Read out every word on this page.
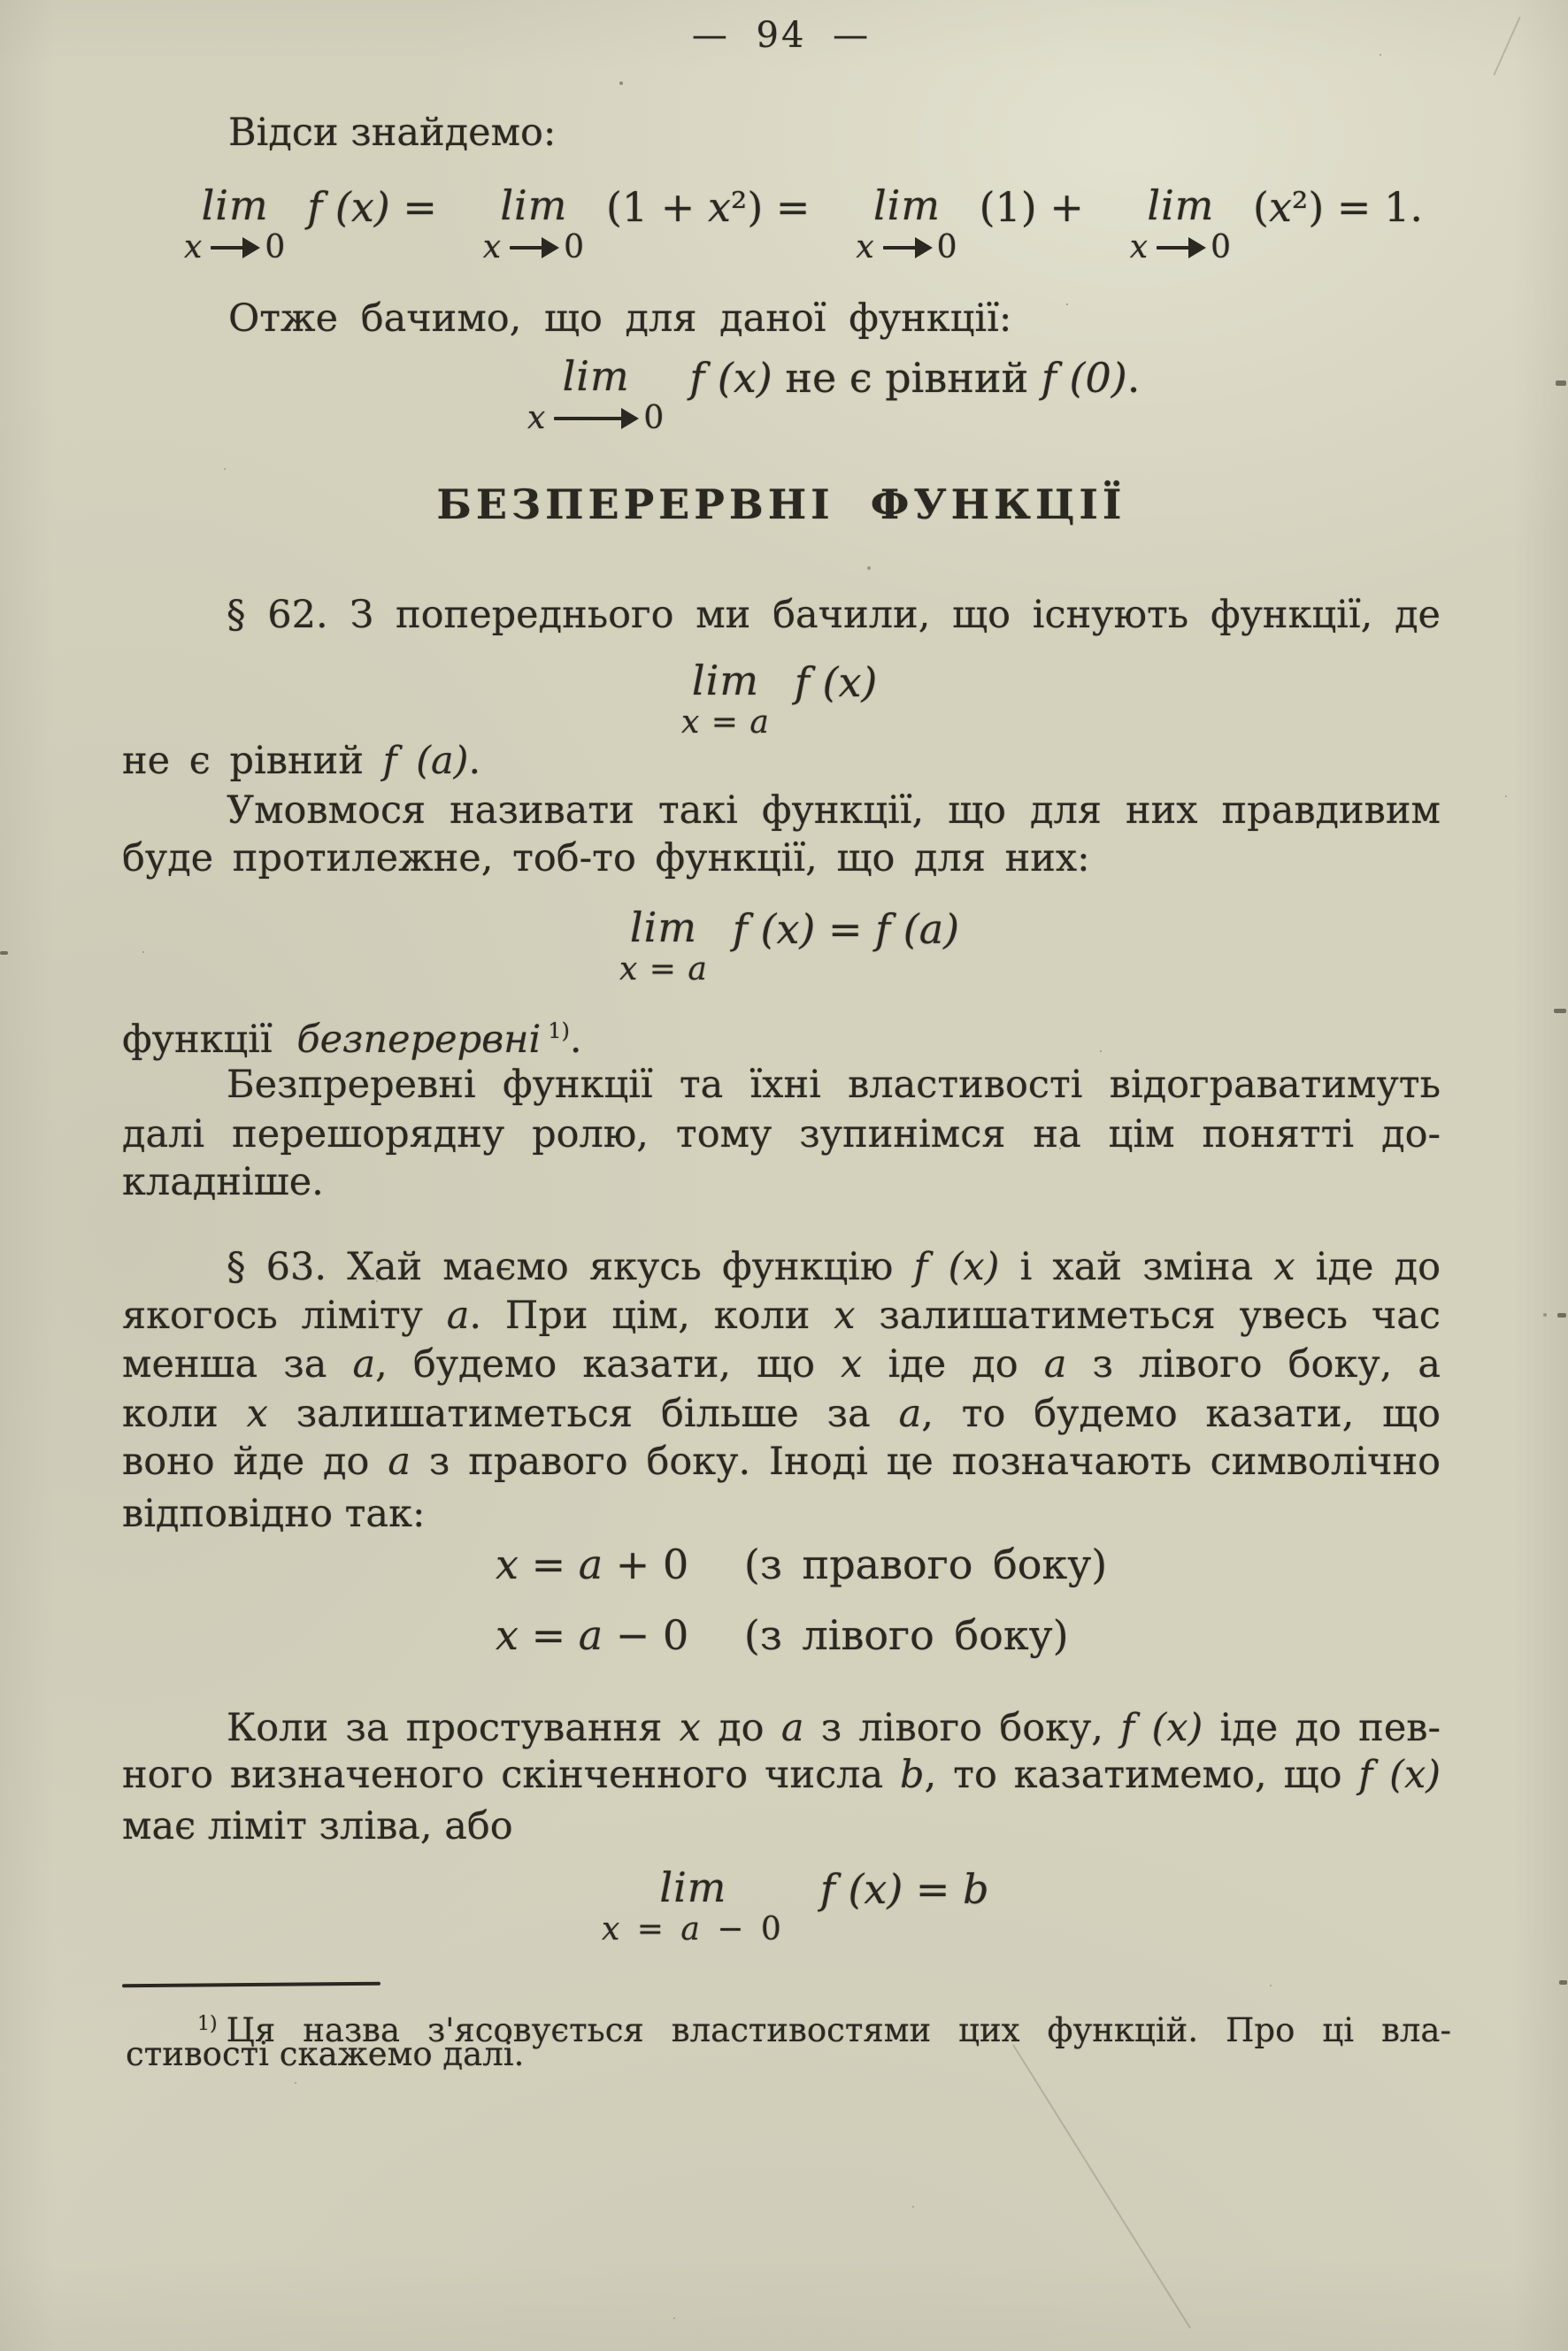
— 94 —
Відси знайдемо:
lim
x 0
f (x) = lim
x 0
(1 + x²) = lim
x 0
(1) + lim
x 0
(x²) = 1.
Отже бачимо, що для даної функції:
lim
x	0
f (x) не є рівний f (0).
БЕЗПЕРЕРВНІ ФУНКЦІЇ
§ 62. З попереднього ми бачили, що існують функції, де
lim
x = a
f (x)
не є рівний f (a).
Умовмося називати такі функції, що для них правдивим
буде протилежне, тоб-то функції, що для них:
lim
x = a
f (x) = f (a)
функції безперервні $^{1)}$.
Безпреревні функції та їхні властивості відограватимуть
далі перешорядну ролю, тому зупинімся на цім понятті до-
кладніше.
§ 63. Хай маємо якусь функцію f (x) і хай зміна x іде до
якогось ліміту a. При цім, коли x залишатиметься увесь час
менша за a, будемо казати, що x іде до a з лівого боку, а
коли x залишатиметься більше за a, то будемо казати, що
воно йде до a з правого боку. Іноді це позначають символічно
відповідно так:
x = a + 0 (з правого боку)
x = a − 0 (з лівого боку)
Коли за простування x до a з лівого боку, f (x) іде до пев-
ного визначеного скінченного числа b, то казатимемо, що f (x)
має ліміт зліва, або
lim
x = a − 0
f (x) = b
$^{1)}$ Ця назва з'ясовується властивостями цих функцій. Про ці вла-
стивості скажемо далі.
